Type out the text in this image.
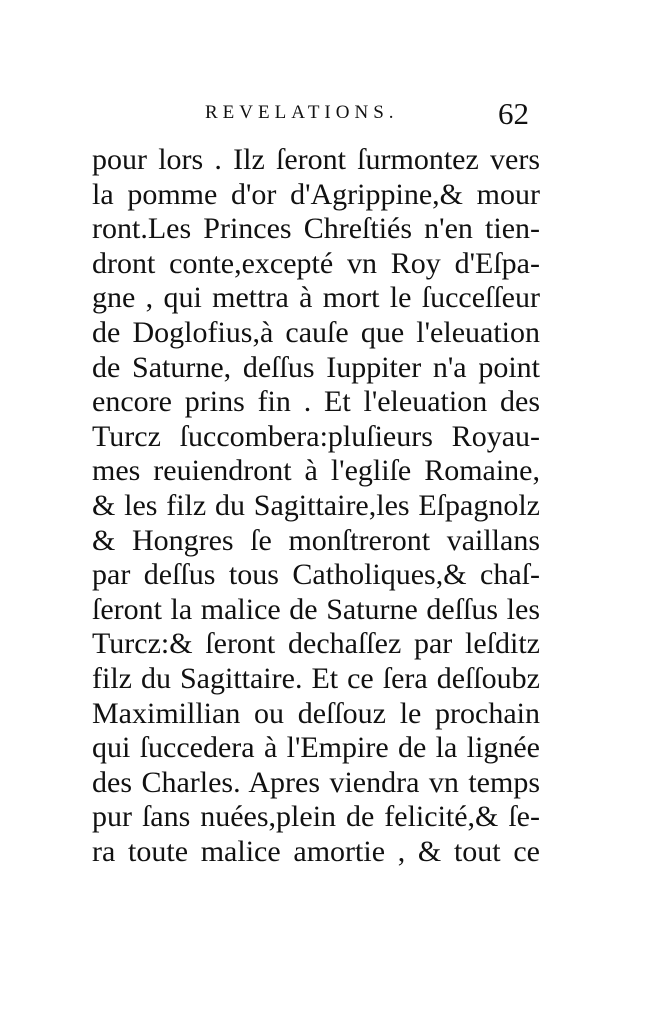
REVELATIONS.	62
pour lors . Ilz ſeront ſurmontez vers
la pomme d'or d'Agrippine,& mour
ront.Les Princes Chreſtiés n'en tien-
dront conte,excepté vn Roy d'Eſpa-
gne , qui mettra à mort le ſucceſſeur
de Doglofius,à cauſe que l'eleuation
de Saturne, deſſus Iuppiter n'a point
encore prins fin . Et l'eleuation des
Turcz ſuccombera:pluſieurs Royau-
mes reuiendront à l'egliſe Romaine,
& les filz du Sagittaire,les Eſpagnolz
& Hongres ſe monſtreront vaillans
par deſſus tous Catholiques,& chaſ-
ſeront la malice de Saturne deſſus les
Turcz:& ſeront dechaſſez par leſditz
filz du Sagittaire. Et ce ſera deſſoubz
Maximillian ou deſſouz le prochain
qui ſuccedera à l'Empire de la lignée
des Charles. Apres viendra vn temps
pur ſans nuées,plein de felicité,& ſe-
ra toute malice amortie , & tout ce
